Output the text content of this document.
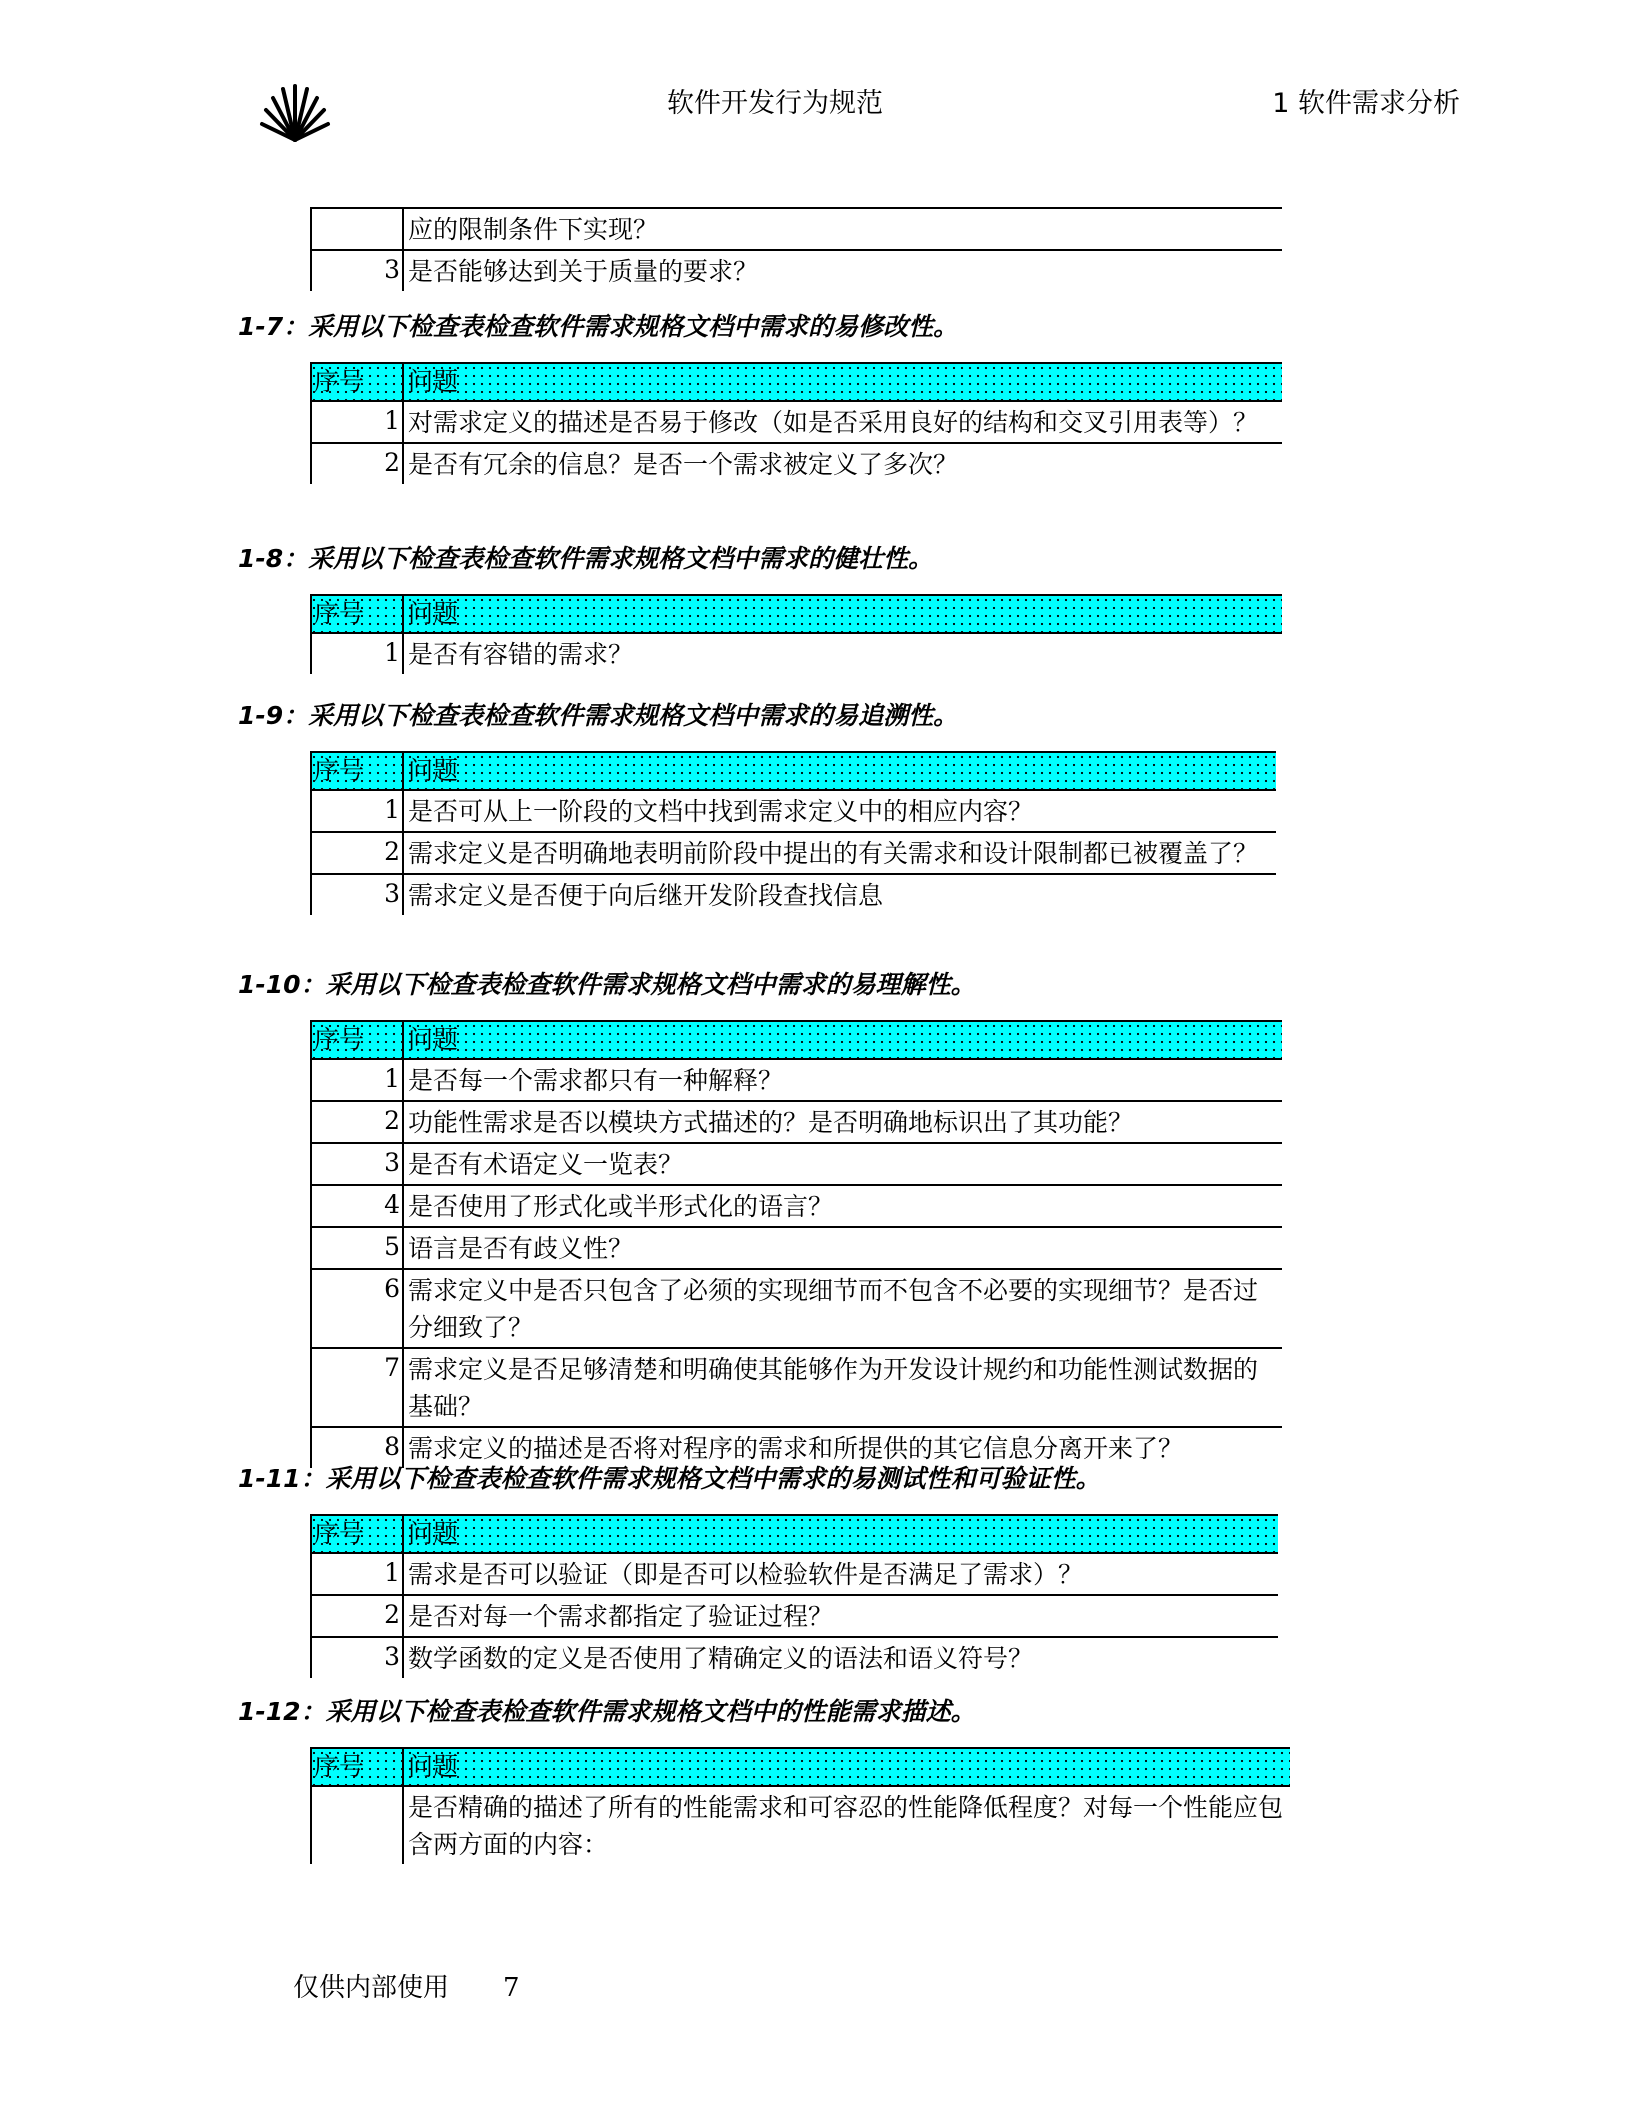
软件开发行为规范	1 软件需求分析
应的限制条件下实现？
3 是否能够达到关于质量的要求？
1-7：采用以下检查表检查软件需求规格文档中需求的易修改性。
序号	问题
1 对需求定义的描述是否易于修改（如是否采用良好的结构和交叉引用表等）？
2 是否有冗余的信息？是否一个需求被定义了多次？
1-8：采用以下检查表检查软件需求规格文档中需求的健壮性。
序号	问题
1 是否有容错的需求？
1-9：采用以下检查表检查软件需求规格文档中需求的易追溯性。
序号	问题
1 是否可从上一阶段的文档中找到需求定义中的相应内容？
2 需求定义是否明确地表明前阶段中提出的有关需求和设计限制都已被覆盖了？
3 需求定义是否便于向后继开发阶段查找信息
1-10：采用以下检查表检查软件需求规格文档中需求的易理解性。
序号	问题
1 是否每一个需求都只有一种解释？
2 功能性需求是否以模块方式描述的？是否明确地标识出了其功能？
3 是否有术语定义一览表？
4 是否使用了形式化或半形式化的语言？
5 语言是否有歧义性？
6 需求定义中是否只包含了必须的实现细节而不包含不必要的实现细节？是否过分细致了？
7 需求定义是否足够清楚和明确使其能够作为开发设计规约和功能性测试数据的基础？
8 需求定义的描述是否将对程序的需求和所提供的其它信息分离开来了？
1-11：采用以下检查表检查软件需求规格文档中需求的易测试性和可验证性。
序号	问题
1 需求是否可以验证（即是否可以检验软件是否满足了需求）？
2 是否对每一个需求都指定了验证过程？
3 数学函数的定义是否使用了精确定义的语法和语义符号？
1-12：采用以下检查表检查软件需求规格文档中的性能需求描述。
序号	问题
是否精确的描述了所有的性能需求和可容忍的性能降低程度？对每一个性能应包含两方面的内容：
仅供内部使用 7
